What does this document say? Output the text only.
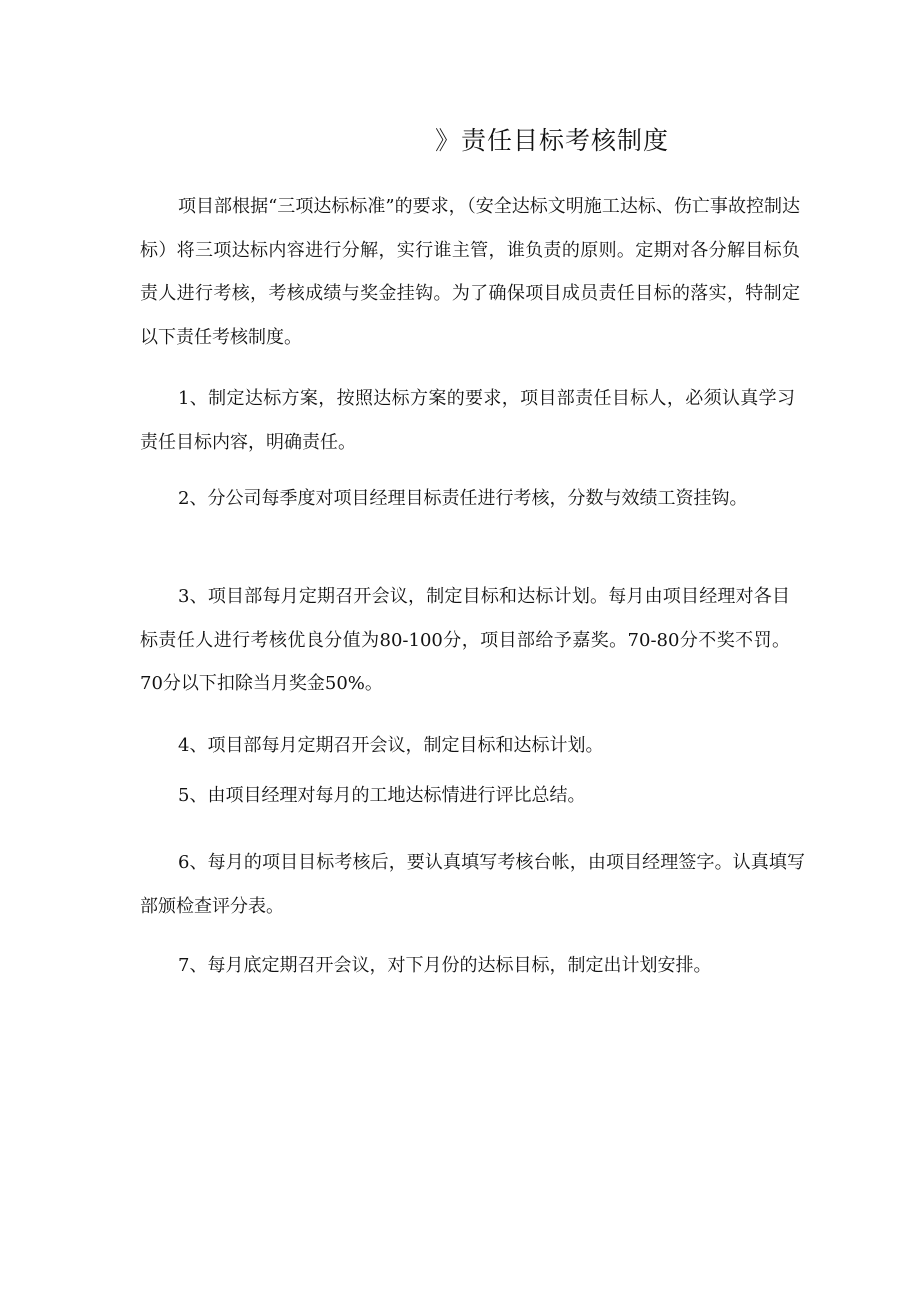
》责任目标考核制度

项目部根据“三项达标标准”的要求，（安全达标文明施工达标、伤亡事故控制达标）将三项达标内容进行分解，实行谁主管，谁负责的原则。定期对各分解目标负责人进行考核，考核成绩与奖金挂钩。为了确保项目成员责任目标的落实，特制定以下责任考核制度。

1、制定达标方案，按照达标方案的要求，项目部责任目标人，必须认真学习责任目标内容，明确责任。

2、分公司每季度对项目经理目标责任进行考核，分数与效绩工资挂钩。

3、项目部每月定期召开会议，制定目标和达标计划。每月由项目经理对各目标责任人进行考核优良分值为80-100分，项目部给予嘉奖。70-80分不奖不罚。70分以下扣除当月奖金50%。

4、项目部每月定期召开会议，制定目标和达标计划。

5、由项目经理对每月的工地达标情进行评比总结。

6、每月的项目目标考核后，要认真填写考核台帐，由项目经理签字。认真填写部颁检查评分表。

7、每月底定期召开会议，对下月份的达标目标，制定出计划安排。
